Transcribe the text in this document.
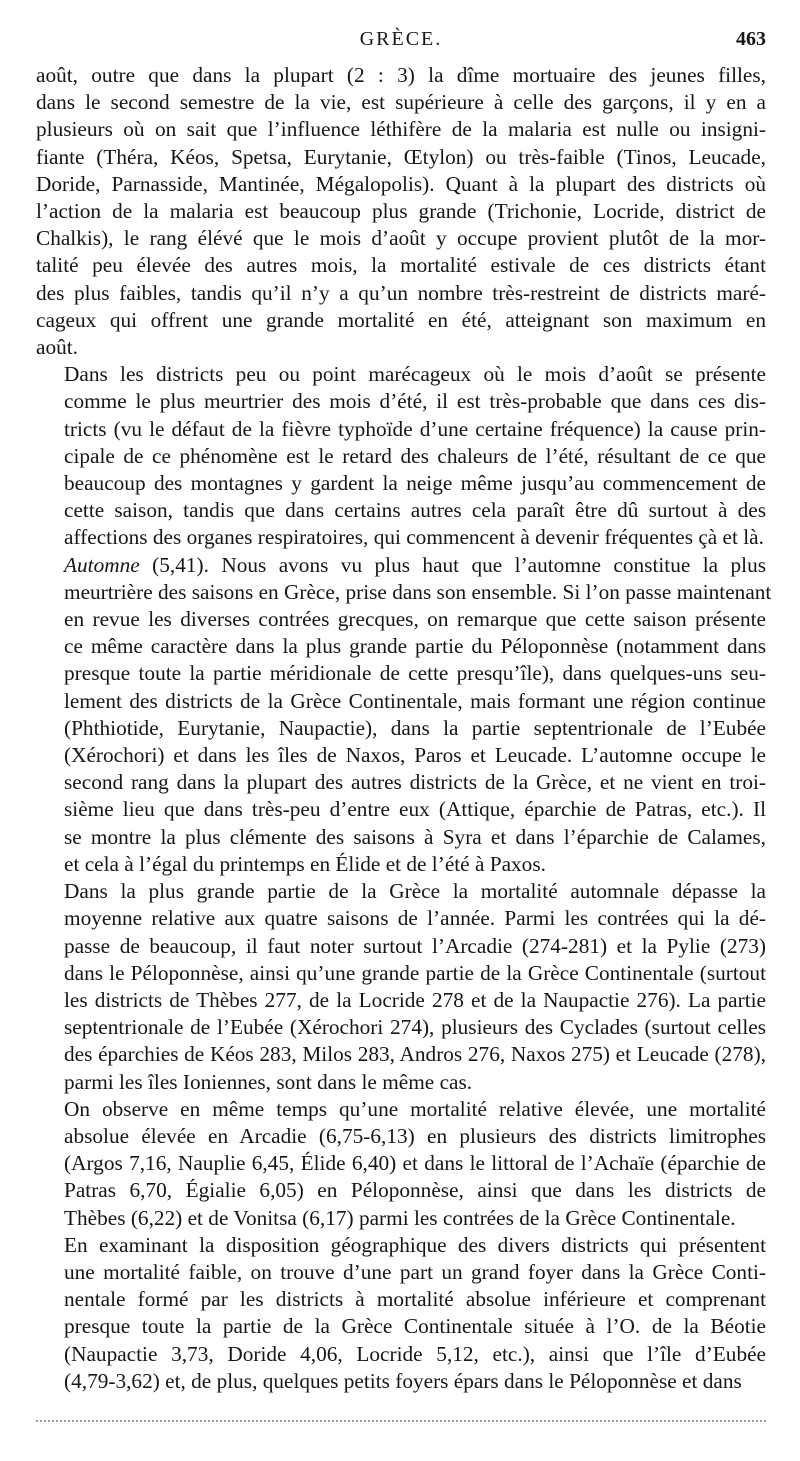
GRÈCE.	463

août, outre que dans la plupart (2 : 3) la dîme mortuaire des jeunes filles,
dans le second semestre de la vie, est supérieure à celle des garçons, il y en a
plusieurs où on sait que l’influence léthifère de la malaria est nulle ou insigni-
fiante (Théra, Kéos, Spetsa, Eurytanie, Œtylon) ou très-faible (Tinos, Leucade,
Doride, Parnasside, Mantinée, Mégalopolis). Quant à la plupart des districts où
l’action de la malaria est beaucoup plus grande (Trichonie, Locride, district de
Chalkis), le rang élévé que le mois d’août y occupe provient plutôt de la mor-
talité peu élevée des autres mois, la mortalité estivale de ces districts étant
des plus faibles, tandis qu’il n’y a qu’un nombre très-restreint de districts maré-
cageux qui offrent une grande mortalité en été, atteignant son maximum en
août.

Dans les districts peu ou point marécageux où le mois d’août se présente
comme le plus meurtrier des mois d’été, il est très-probable que dans ces dis-
tricts (vu le défaut de la fièvre typhoïde d’une certaine fréquence) la cause prin-
cipale de ce phénomène est le retard des chaleurs de l’été, résultant de ce que
beaucoup des montagnes y gardent la neige même jusqu’au commencement de
cette saison, tandis que dans certains autres cela paraît être dû surtout à des
affections des organes respiratoires, qui commencent à devenir fréquentes çà et là.

Automne (5,41). Nous avons vu plus haut que l’automne constitue la plus
meurtrière des saisons en Grèce, prise dans son ensemble. Si l’on passe maintenant
en revue les diverses contrées grecques, on remarque que cette saison présente
ce même caractère dans la plus grande partie du Péloponnèse (notamment dans
presque toute la partie méridionale de cette presqu’île), dans quelques-uns seu-
lement des districts de la Grèce Continentale, mais formant une région continue
(Phthiotide, Eurytanie, Naupactie), dans la partie septentrionale de l’Eubée
(Xérochori) et dans les îles de Naxos, Paros et Leucade. L’automne occupe le
second rang dans la plupart des autres districts de la Grèce, et ne vient en troi-
sième lieu que dans très-peu d’entre eux (Attique, éparchie de Patras, etc.). Il
se montre la plus clémente des saisons à Syra et dans l’éparchie de Calames,
et cela à l’égal du printemps en Élide et de l’été à Paxos.

Dans la plus grande partie de la Grèce la mortalité automnale dépasse la
moyenne relative aux quatre saisons de l’année. Parmi les contrées qui la dé-
passe de beaucoup, il faut noter surtout l’Arcadie (274-281) et la Pylie (273)
dans le Péloponnèse, ainsi qu’une grande partie de la Grèce Continentale (surtout
les districts de Thèbes 277, de la Locride 278 et de la Naupactie 276). La partie
septentrionale de l’Eubée (Xérochori 274), plusieurs des Cyclades (surtout celles
des éparchies de Kéos 283, Milos 283, Andros 276, Naxos 275) et Leucade (278),
parmi les îles Ioniennes, sont dans le même cas.

On observe en même temps qu’une mortalité relative élevée, une mortalité
absolue élevée en Arcadie (6,75-6,13) en plusieurs des districts limitrophes
(Argos 7,16, Nauplie 6,45, Élide 6,40) et dans le littoral de l’Achaïe (éparchie de
Patras 6,70, Égialie 6,05) en Péloponnèse, ainsi que dans les districts de
Thèbes (6,22) et de Vonitsa (6,17) parmi les contrées de la Grèce Continentale.

En examinant la disposition géographique des divers districts qui présentent
une mortalité faible, on trouve d’une part un grand foyer dans la Grèce Conti-
nentale formé par les districts à mortalité absolue inférieure et comprenant
presque toute la partie de la Grèce Continentale située à l’O. de la Béotie
(Naupactie 3,73, Doride 4,06, Locride 5,12, etc.), ainsi que l’île d’Eubée
(4,79-3,62) et, de plus, quelques petits foyers épars dans le Péloponnèse et dans
